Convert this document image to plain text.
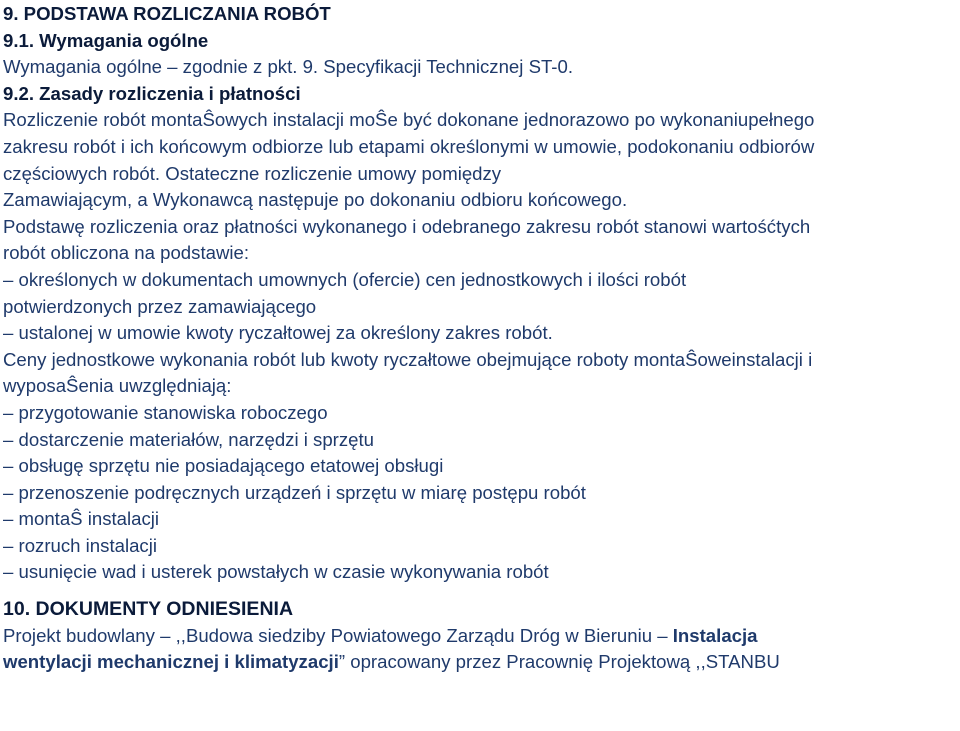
9. PODSTAWA ROZLICZANIA ROBÓT
9.1. Wymagania ogólne
Wymagania ogólne – zgodnie z pkt. 9. Specyfikacji Technicznej ST-0.
9.2. Zasady rozliczenia i płatności
Rozliczenie robót montaŜowych instalacji moŜe być dokonane jednorazowo po wykonaniupełnego
zakresu robót i ich końcowym odbiorze lub etapami określonymi w umowie, podokonaniu odbiorów
częściowych robót. Ostateczne rozliczenie umowy pomiędzy
Zamawiającym, a Wykonawcą następuje po dokonaniu odbioru końcowego.
Podstawę rozliczenia oraz płatności wykonanego i odebranego zakresu robót stanowi wartośćtych
robót obliczona na podstawie:
– określonych w dokumentach umownych (ofercie) cen jednostkowych i ilości robót
potwierdzonych przez zamawiającego
– ustalonej w umowie kwoty ryczałtowej za określony zakres robót.
Ceny jednostkowe wykonania robót lub kwoty ryczałtowe obejmujące roboty montaŜoweinstalacji i
wyposaŜenia uwzględniają:
– przygotowanie stanowiska roboczego
– dostarczenie materiałów, narzędzi i sprzętu
– obsługę sprzętu nie posiadającego etatowej obsługi
– przenoszenie podręcznych urządzeń i sprzętu w miarę postępu robót
– montaŜ instalacji
– rozruch instalacji
– usunięcie wad i usterek powstałych w czasie wykonywania robót
10. DOKUMENTY ODNIESIENIA
Projekt budowlany – ,,Budowa siedziby Powiatowego Zarządu Dróg w Bieruniu – Instalacja
wentylacji mechanicznej i klimatyzacji” opracowany przez Pracownię Projektową ,,STANBU
